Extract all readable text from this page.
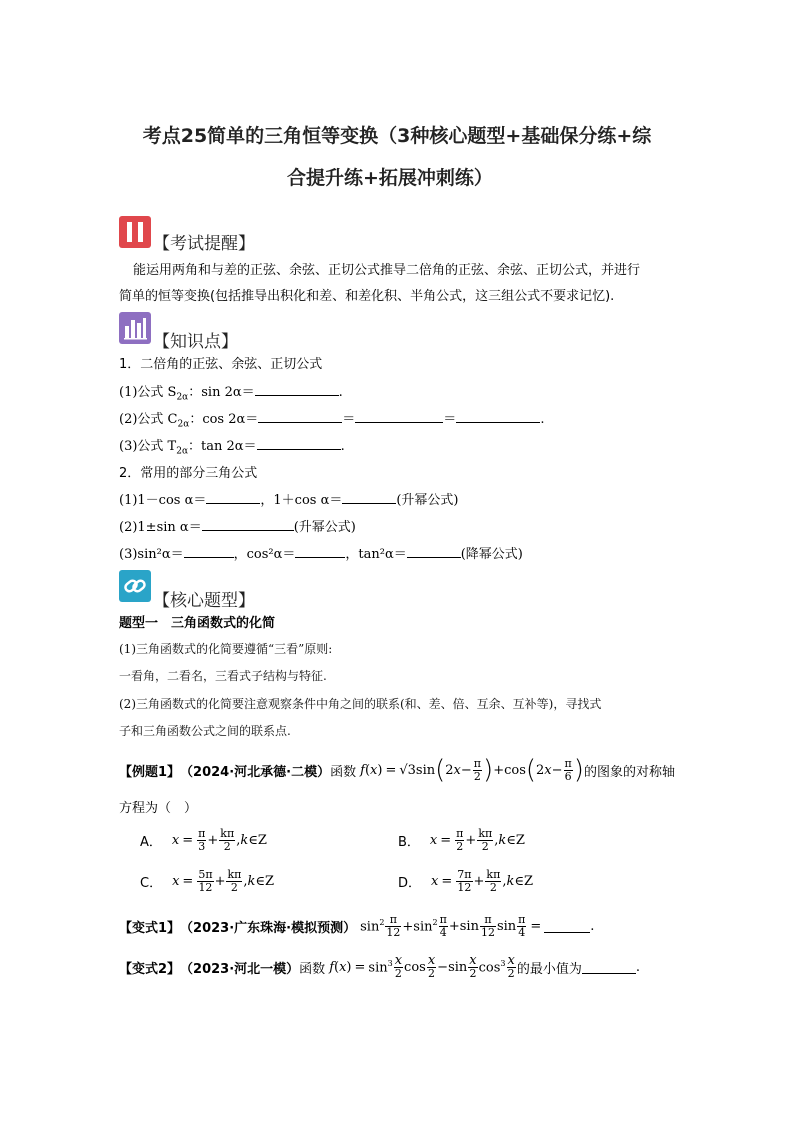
考点25简单的三角恒等变换（3种核心题型+基础保分练+综
合提升练+拓展冲刺练）
【考试提醒】
能运用两角和与差的正弦、余弦、正切公式推导二倍角的正弦、余弦、正切公式，并进行
简单的恒等变换(包括推导出积化和差、和差化积、半角公式，这三组公式不要求记忆).
【知识点】
1．二倍角的正弦、余弦、正切公式
(1)公式 $S_{2\alpha}$：sin 2α＝	.
(2)公式 $C_{2\alpha}$：cos 2α＝	＝	＝	.
(3)公式 $T_{2\alpha}$：tan 2α＝	.
2．常用的部分三角公式
(1)1－cos α＝	，1＋cos α＝	(升幂公式)
(2)1±sin α＝	(升幂公式)
(3)sin²α＝	，cos²α＝	，tan²α＝	(降幂公式)
【核心题型】
题型一　三角函数式的化简
(1)三角函数式的化简要遵循“三看”原则:
一看角，二看名，三看式子结构与特征.
(2)三角函数式的化简要注意观察条件中角之间的联系(和、差、倍、互余、互补等)，寻找式
子和三角函数公式之间的联系点.
【例题1】 （2024·河北承德·二模） 函数 f ( x ) = √3 sin ( 2 $x - \frac{\pi}{2}$ ) +cos ( 2 $x - \frac{\pi}{6}$ ) 的图象的对称轴
方程为（　）
A． $x = \frac{\pi}{3} + \frac{k\pi}{2}$ , k ∈Z	B． $x = \frac{\pi}{2} + \frac{k\pi}{2}$ , k ∈Z
C． $x = \frac{5\pi}{12} + \frac{k\pi}{2}$ , k ∈Z	D． $x = \frac{7\pi}{12} + \frac{k\pi}{2}$ , k ∈Z
【变式1】 （2023·广东珠海·模拟预测） $\sin^2 \frac{\pi}{12} +\sin^2 \frac{\pi}{4} +\sin \frac{\pi}{12}$ $\sin \frac{\pi}{4}$ =	.
【变式2】 （2023·河北一模） 函数 f ( x ) = $\sin^3 \frac{x}{2}$ $\cos \frac{x}{2} -\sin \frac{x}{2} \cos^3 \frac{x}{2}$ 的最小值为	.
